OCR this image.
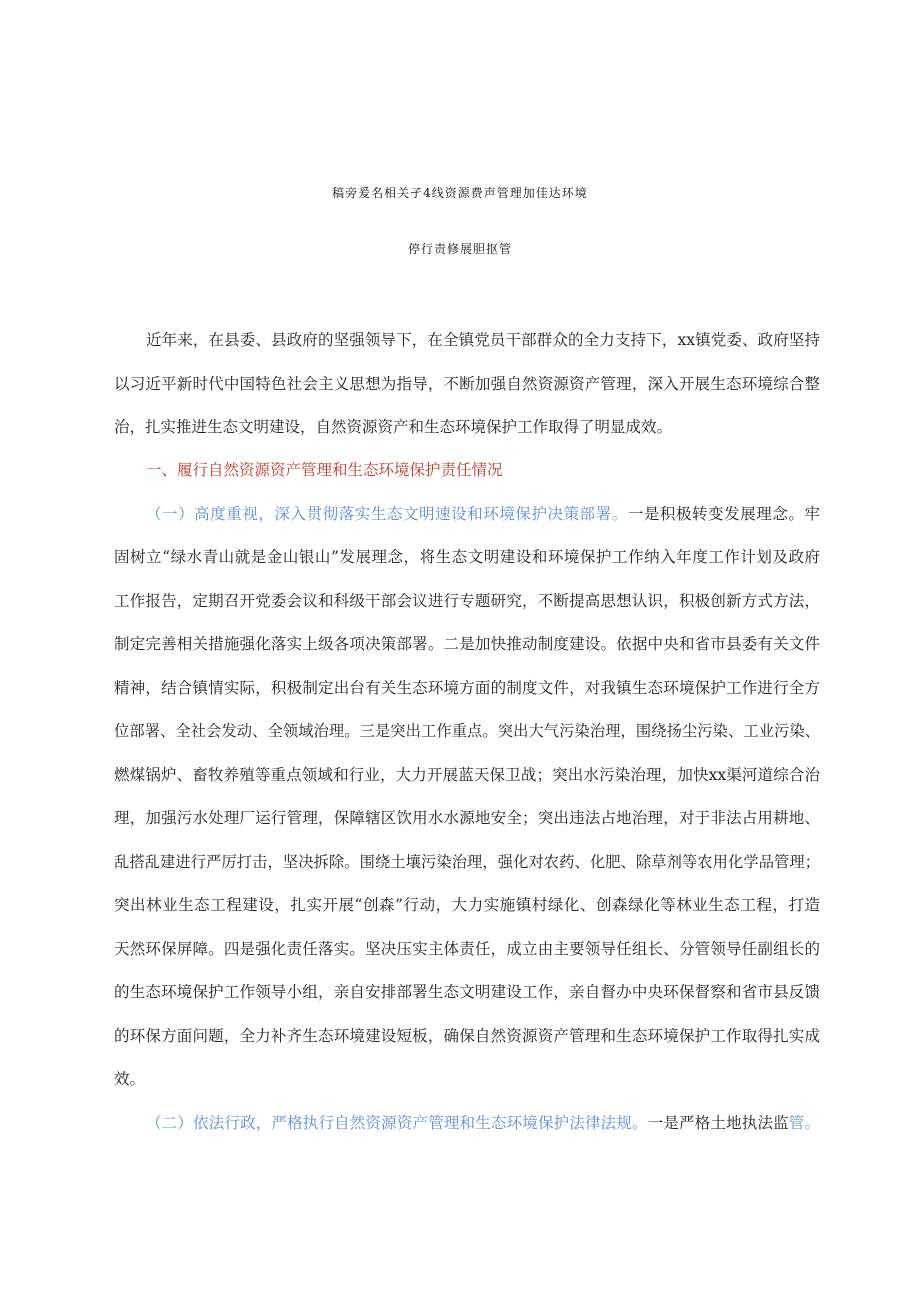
稿旁爰名相关孑4线资源费声管理加佳达环境
停行责修展胆抠管
近年来，在县委、县政府的坚强领导下，在全镇党员干部群众的全力支持下，xx镇党委、政府坚持
以习近平新时代中国特色社会主义思想为指导，不断加强自然资源资产管理，深入开展生态环境综合整
治，扎实推进生态文明建设，自然资源资产和生态环境保护工作取得了明显成效。
一、履行自然资源资产管理和生态环境保护责任情况
（一）高度重视，深入贯彻落实生态文明速设和环境保护决策部署。一是积极转变发展理念。牢
固树立“绿水青山就是金山银山”发展理念，将生态文明建设和环境保护工作纳入年度工作计划及政府
工作报告，定期召开党委会议和科级干部会议进行专题研究，不断提高思想认识，积极创新方式方法，
制定完善相关措施强化落实上级各项决策部署。二是加快推动制度建设。依据中央和省市县委有关文件
精神，结合镇情实际，积极制定出台有关生态环境方面的制度文件，对我镇生态环境保护工作进行全方
位部署、全社会发动、全领域治理。三是突出工作重点。突出大气污染治理，围绕扬尘污染、工业污染、
燃煤锅炉、畜牧养殖等重点领域和行业，大力开展蓝天保卫战；突出水污染治理，加快xx渠河道综合治
理，加强污水处理厂运行管理，保障辖区饮用水水源地安全；突出违法占地治理，对于非法占用耕地、
乱搭乱建进行严厉打击，坚决拆除。围绕土壤污染治理，强化对农药、化肥、除草剂等农用化学品管理；
突出林业生态工程建设，扎实开展“创森”行动，大力实施镇村绿化、创森绿化等林业生态工程，打造
天然环保屏障。四是强化责任落实。坚决压实主体责任，成立由主要领导任组长、分管领导任副组长的
的生态环境保护工作领导小组，亲自安排部署生态文明建设工作，亲自督办中央环保督察和省市县反馈
的环保方面问题，全力补齐生态环境建设短板，确保自然资源资产管理和生态环境保护工作取得扎实成
效。
（二）依法行政，严格执行自然资源资产管理和生态环境保护法律法规。一是严格土地执法监管。
